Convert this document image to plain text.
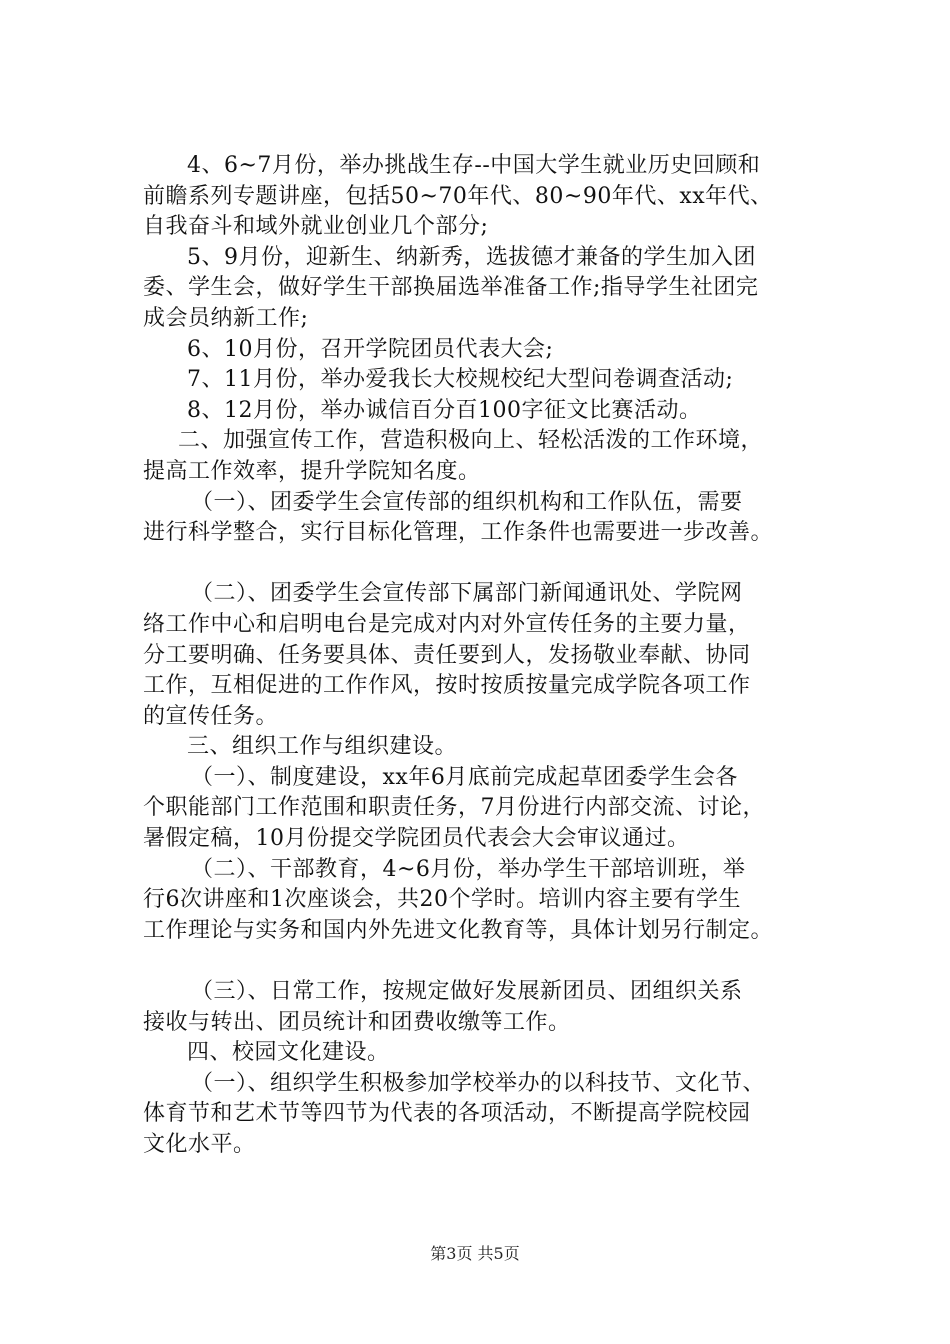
4、6~7月份，举办挑战生存--中国大学生就业历史回顾和
前瞻系列专题讲座，包括50~70年代、80~90年代、xx年代、
自我奋斗和域外就业创业几个部分;
5、9月份，迎新生、纳新秀，选拔德才兼备的学生加入团
委、学生会，做好学生干部换届选举准备工作;指导学生社团完
成会员纳新工作;
6、10月份，召开学院团员代表大会;
7、11月份，举办爱我长大校规校纪大型问卷调查活动;
8、12月份，举办诚信百分百100字征文比赛活动。
二、加强宣传工作，营造积极向上、轻松活泼的工作环境，
提高工作效率，提升学院知名度。
（一）、团委学生会宣传部的组织机构和工作队伍，需要
进行科学整合，实行目标化管理，工作条件也需要进一步改善。
（二）、团委学生会宣传部下属部门新闻通讯处、学院网
络工作中心和启明电台是完成对内对外宣传任务的主要力量，
分工要明确、任务要具体、责任要到人，发扬敬业奉献、协同
工作，互相促进的工作作风，按时按质按量完成学院各项工作
的宣传任务。
三、组织工作与组织建设。
（一）、制度建设，xx年6月底前完成起草团委学生会各
个职能部门工作范围和职责任务，7月份进行内部交流、讨论，
暑假定稿，10月份提交学院团员代表会大会审议通过。
（二）、干部教育，4~6月份，举办学生干部培训班，举
行6次讲座和1次座谈会，共20个学时。培训内容主要有学生
工作理论与实务和国内外先进文化教育等，具体计划另行制定。
（三）、日常工作，按规定做好发展新团员、团组织关系
接收与转出、团员统计和团费收缴等工作。
四、校园文化建设。
（一）、组织学生积极参加学校举办的以科技节、文化节、
体育节和艺术节等四节为代表的各项活动，不断提高学院校园
文化水平。
第3页 共5页
